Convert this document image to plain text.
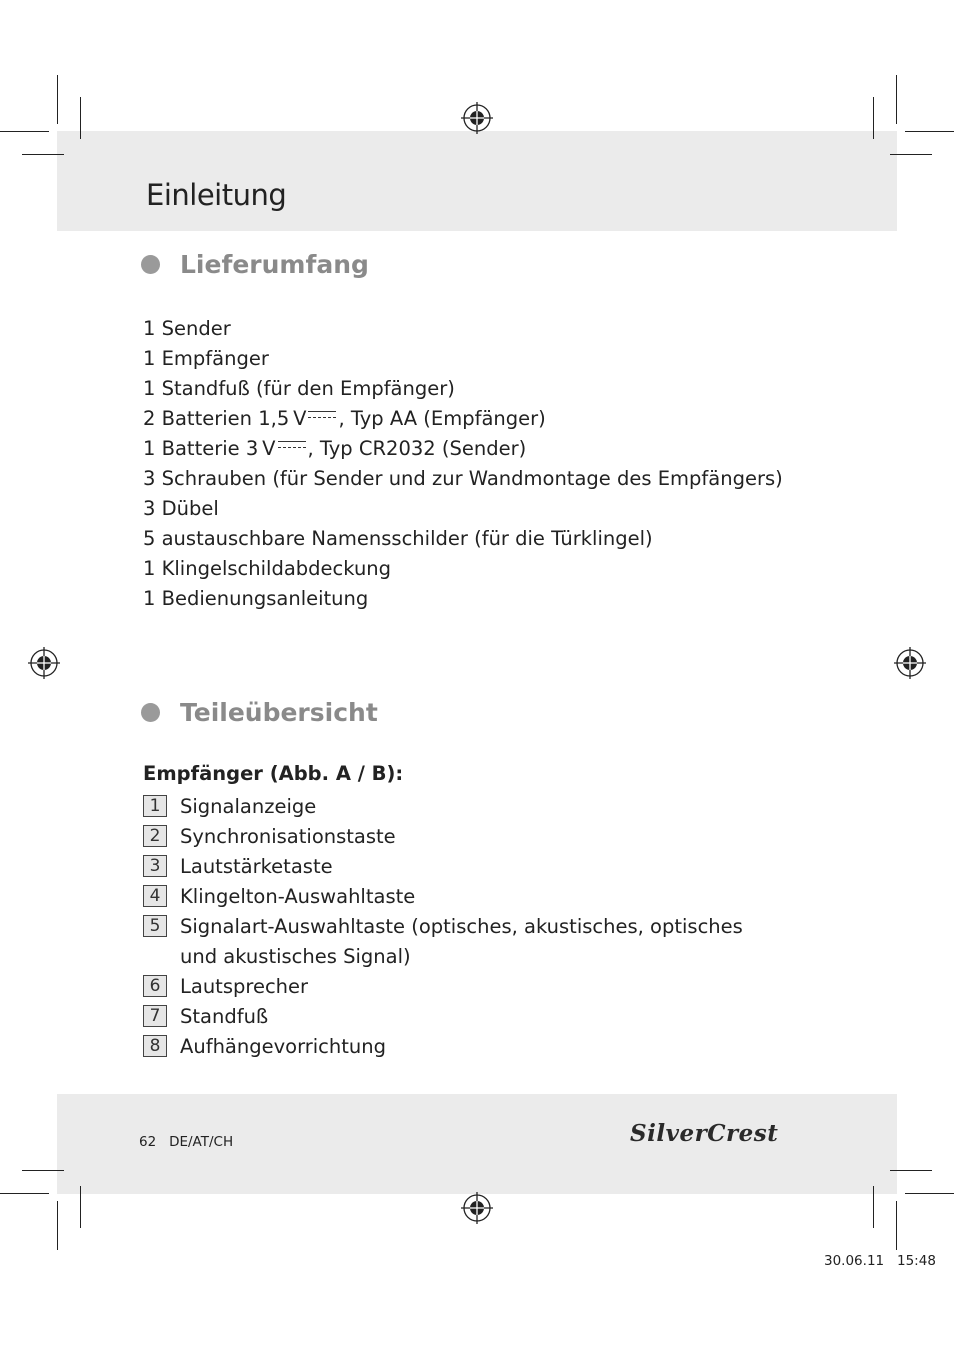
Einleitung
Lieferumfang
1 Sender
1 Empfänger
1 Standfuß (für den Empfänger)
2 Batterien 1,5 V , Typ AA (Empfänger)
1 Batterie 3 V , Typ CR2032 (Sender)
3 Schrauben (für Sender und zur Wandmontage des Empfängers)
3 Dübel
5 austauschbare Namensschilder (für die Türklingel)
1 Klingelschildabdeckung
1 Bedienungsanleitung
Teileübersicht
Empfänger (Abb. A / B):
1	Signalanzeige
2	Synchronisationstaste
3	Lautstärketaste
4	Klingelton-Auswahltaste
5	Signalart-Auswahltaste (optisches, akustisches, optisches und akustisches Signal)
6	Lautsprecher
7	Standfuß
8	Aufhängevorrichtung
62 DE/AT/CH	SilverCrest
30.06.11 15:48
